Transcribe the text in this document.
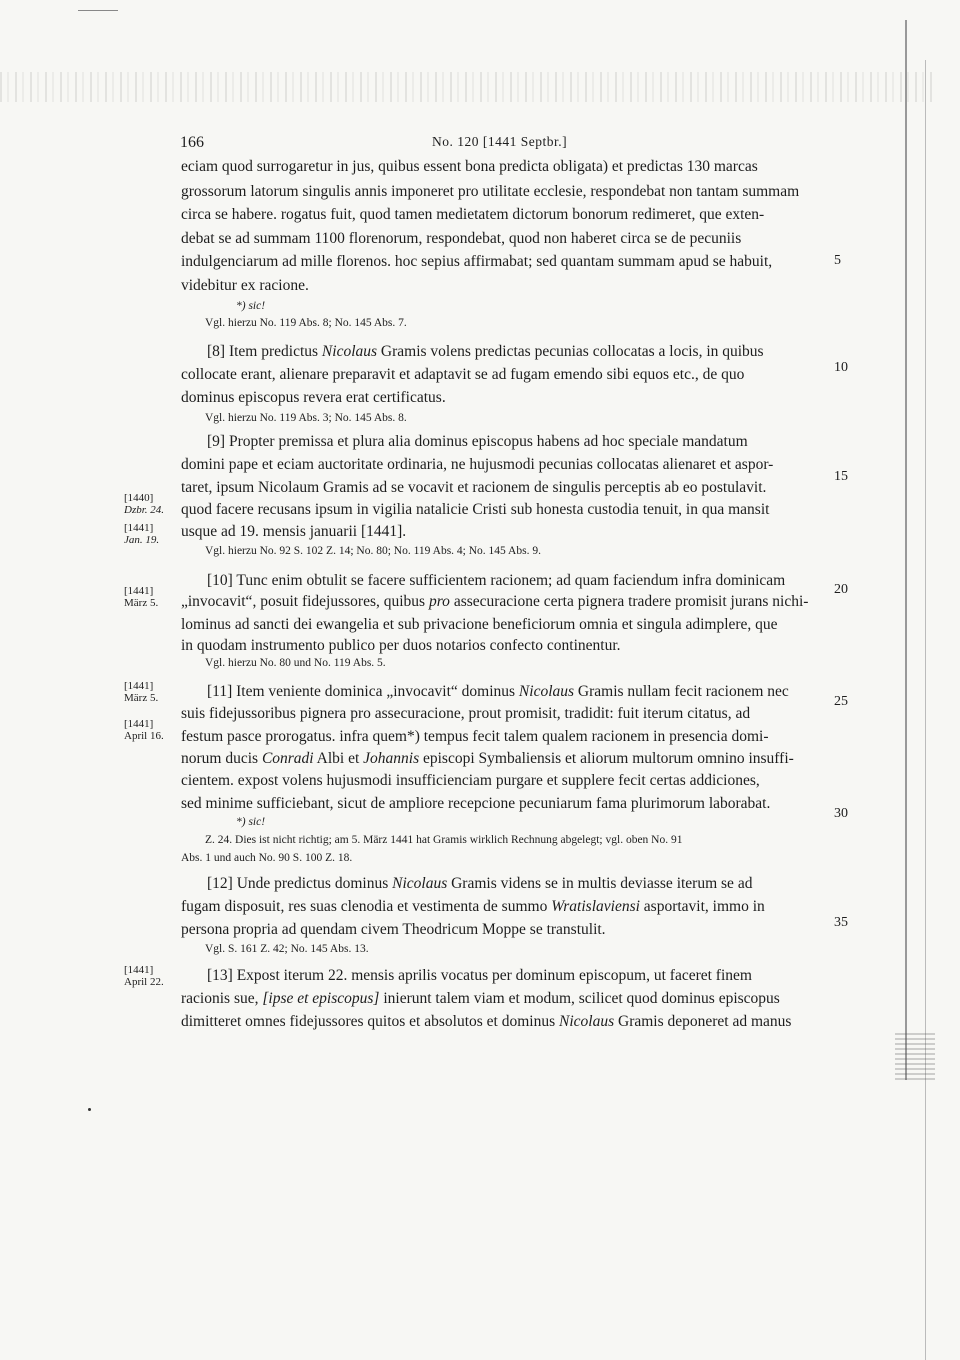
166	No. 120 [1441 Septbr.]
eciam quod surrogaretur in jus, quibus essent bona predicta obligata) et predictas 130 marcas
grossorum latorum singulis annis imponeret pro utilitate ecclesie, respondebat non tantam summam
circa se habere. rogatus fuit, quod tamen medietatem dictorum bonorum redimeret, que exten-
debat se ad summam 1100 florenorum, respondebat, quod non haberet circa se de pecuniis
indulgenciarum ad mille florenos. hoc sepius affirmabat; sed quantam summam apud se habuit,	5
videbitur ex racione.
*) sic!
Vgl. hierzu No. 119 Abs. 8; No. 145 Abs. 7.
[8] Item predictus Nicolaus Gramis volens predictas pecunias collocatas a locis, in quibus
collocate erant, alienare preparavit et adaptavit se ad fugam emendo sibi equos etc., de quo	10
dominus episcopus revera erat certificatus.
Vgl. hierzu No. 119 Abs. 3; No. 145 Abs. 8.
[9] Propter premissa et plura alia dominus episcopus habens ad hoc speciale mandatum
domini pape et eciam auctoritate ordinaria, ne hujusmodi pecunias collocatas alienaret et aspor-
taret, ipsum Nicolaum Gramis ad se vocavit et racionem de singulis perceptis ab eo postulavit.
15
quod facere recusans ipsum in vigilia natalicie Cristi sub honesta custodia tenuit, in qua mansit
usque ad 19. mensis januarii [1441].
Vgl. hierzu No. 92 S. 102 Z. 14; No. 80; No. 119 Abs. 4; No. 145 Abs. 9.
[1440]
Dzbr. 24.
[1441]
Jan. 19.
[10] Tunc enim obtulit se facere sufficientem racionem; ad quam faciendum infra dominicam
„invocavit“, posuit fidejussores, quibus pro assecuracione certa pignera tradere promisit jurans nichi-
20
lominus ad sancti dei ewangelia et sub privacione beneficiorum omnia et singula adimplere, que
in quodam instrumento publico per duos notarios confecto continentur.
Vgl. hierzu No. 80 und No. 119 Abs. 5.
[1441]
März 5.
[11] Item veniente dominica „invocavit“ dominus Nicolaus Gramis nullam fecit racionem nec
suis fidejussoribus pignera pro assecuracione, prout promisit, tradidit: fuit iterum citatus, ad
25
festum pasce prorogatus. infra quem*) tempus fecit talem qualem racionem in presencia domi-
norum ducis Conradi Albi et Johannis episcopi Symbaliensis et aliorum multorum omnino insuffi-
cientem. expost volens hujusmodi insufficienciam purgare et supplere fecit certas addiciones,
sed minime sufficiebant, sicut de ampliore recepcione pecuniarum fama plurimorum laborabat.
*) sic!
30
Z. 24. Dies ist nicht richtig; am 5. März 1441 hat Gramis wirklich Rechnung abgelegt; vgl. oben No. 91
Abs. 1 und auch No. 90 S. 100 Z. 18.
[1441]
März 5.
[1441]
April 16.
[12] Unde predictus dominus Nicolaus Gramis videns se in multis deviasse iterum se ad
fugam disposuit, res suas clenodia et vestimenta de summo Wratislaviensi asportavit, immo in
persona propria ad quendam civem Theodricum Moppe se transtulit.	35
Vgl. S. 161 Z. 42; No. 145 Abs. 13.
[13] Expost iterum 22. mensis aprilis vocatus per dominum episcopum, ut faceret finem
racionis sue, [ipse et episcopus] inierunt talem viam et modum, scilicet quod dominus episcopus
dimitteret omnes fidejussores quitos et absolutos et dominus Nicolaus Gramis deponeret ad manus
[1441]
April 22.
